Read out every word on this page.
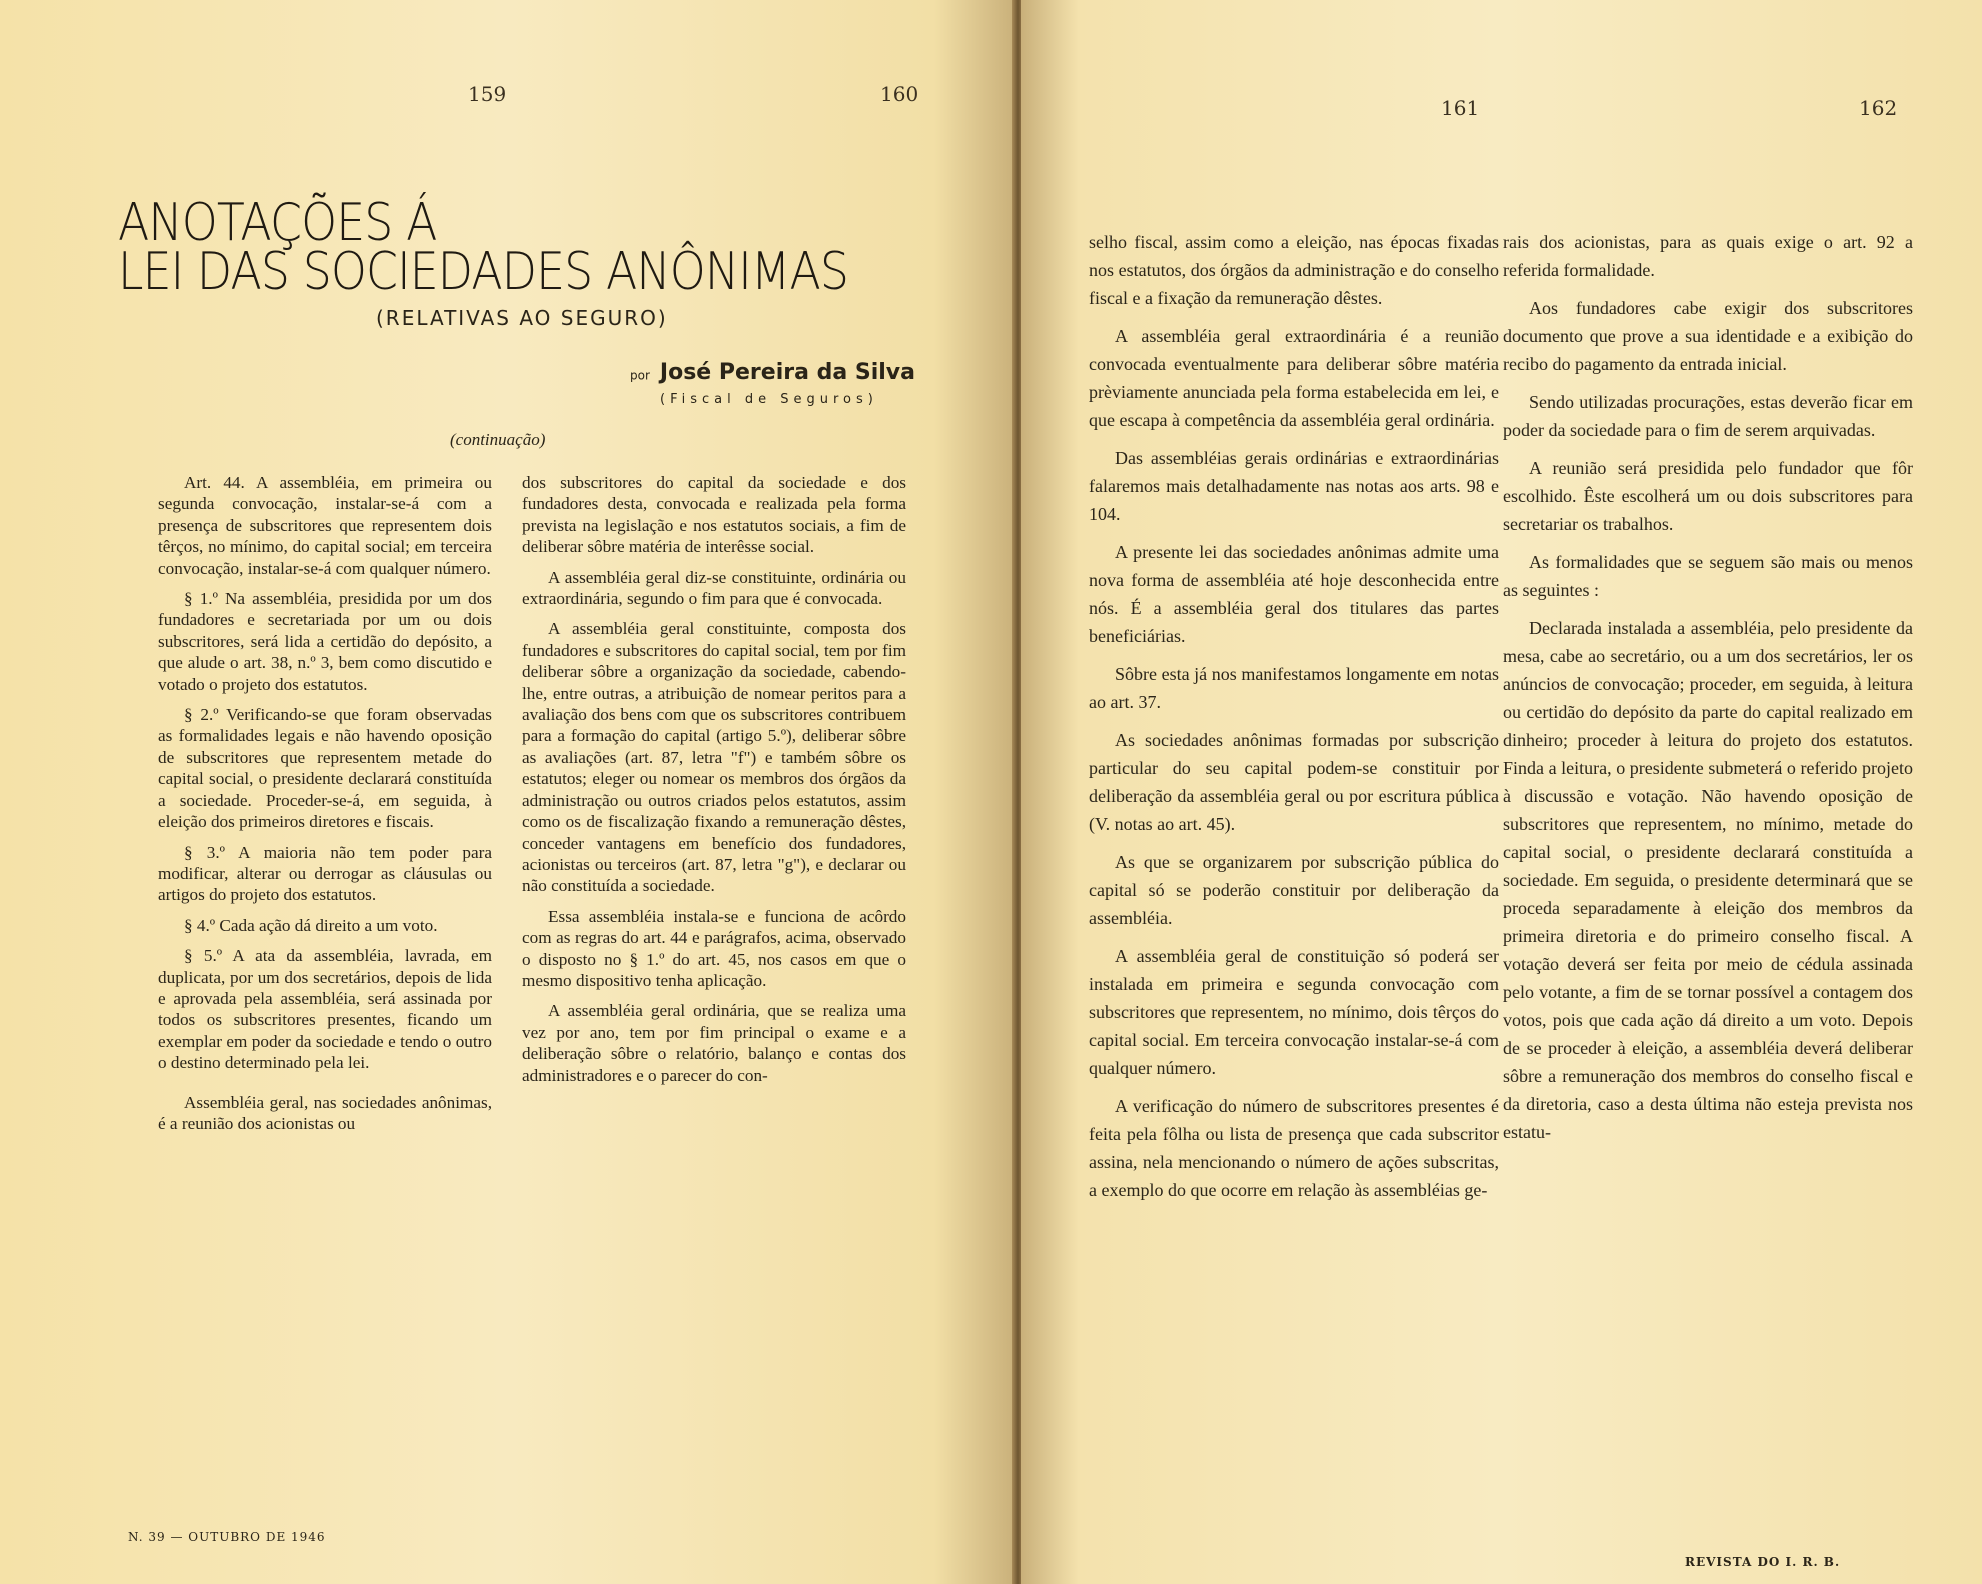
159	160
ANOTAÇÕES Á
LEI DAS SOCIEDADES ANÔNIMAS
(RELATIVAS AO SEGURO)
por José Pereira da Silva
(Fiscal de Seguros)
(continuação)

Art. 44. A assembléia, em primeira ou segunda convocação, instalar-se-á com a presença de subscritores que representem dois têrços, no mínimo, do capital social; em terceira convocação, instalar-se-á com qualquer número.

§ 1.º Na assembléia, presidida por um dos fundadores e secretariada por um ou dois subscritores, será lida a certidão do depósito, a que alude o art. 38, n.º 3, bem como discutido e votado o projeto dos estatutos.

§ 2.º Verificando-se que foram observadas as formalidades legais e não havendo oposição de subscritores que representem metade do capital social, o presidente declarará constituída a sociedade. Proceder-se-á, em seguida, à eleição dos primeiros diretores e fiscais.

§ 3.º A maioria não tem poder para modificar, alterar ou derrogar as cláusulas ou artigos do projeto dos estatutos.

§ 4.º Cada ação dá direito a um voto.

§ 5.º A ata da assembléia, lavrada, em duplicata, por um dos secretários, depois de lida e aprovada pela assembléia, será assinada por todos os subscritores presentes, ficando um exemplar em poder da sociedade e tendo o outro o destino determinado pela lei.

Assembléia geral, nas sociedades anônimas, é a reunião dos acionistas ou

dos subscritores do capital da sociedade e dos fundadores desta, convocada e realizada pela forma prevista na legislação e nos estatutos sociais, a fim de deliberar sôbre matéria de interêsse social.

A assembléia geral diz-se constituinte, ordinária ou extraordinária, segundo o fim para que é convocada.

A assembléia geral constituinte, composta dos fundadores e subscritores do capital social, tem por fim deliberar sôbre a organização da sociedade, cabendo-lhe, entre outras, a atribuição de nomear peritos para a avaliação dos bens com que os subscritores contribuem para a formação do capital (artigo 5.º), deliberar sôbre as avaliações (art. 87, letra "f") e também sôbre os estatutos; eleger ou nomear os membros dos órgãos da administração ou outros criados pelos estatutos, assim como os de fiscalização fixando a remuneração dêstes, conceder vantagens em benefício dos fundadores, acionistas ou terceiros (art. 87, letra "g"), e declarar ou não constituída a sociedade.

Essa assembléia instala-se e funciona de acôrdo com as regras do art. 44 e parágrafos, acima, observado o disposto no § 1.º do art. 45, nos casos em que o mesmo dispositivo tenha aplicação.

A assembléia geral ordinária, que se realiza uma vez por ano, tem por fim principal o exame e a deliberação sôbre o relatório, balanço e contas dos administradores e o parecer do con-

N. 39 — OUTUBRO DE 1946
161	162

selho fiscal, assim como a eleição, nas épocas fixadas nos estatutos, dos órgãos da administração e do conselho fiscal e a fixação da remuneração dêstes.

A assembléia geral extraordinária é a reunião convocada eventualmente para deliberar sôbre matéria prèviamente anunciada pela forma estabelecida em lei, e que escapa à competência da assembléia geral ordinária.

Das assembléias gerais ordinárias e extraordinárias falaremos mais detalhadamente nas notas aos arts. 98 e 104.

A presente lei das sociedades anônimas admite uma nova forma de assembléia até hoje desconhecida entre nós. É a assembléia geral dos titulares das partes beneficiárias.

Sôbre esta já nos manifestamos longamente em notas ao art. 37.

As sociedades anônimas formadas por subscrição particular do seu capital podem-se constituir por deliberação da assembléia geral ou por escritura pública (V. notas ao art. 45).

As que se organizarem por subscrição pública do capital só se poderão constituir por deliberação da assembléia.

A assembléia geral de constituição só poderá ser instalada em primeira e segunda convocação com subscritores que representem, no mínimo, dois têrços do capital social. Em terceira convocação instalar-se-á com qualquer número.

A verificação do número de subscritores presentes é feita pela fôlha ou lista de presença que cada subscritor assina, nela mencionando o número de ações subscritas, a exemplo do que ocorre em relação às assembléias ge-

rais dos acionistas, para as quais exige o art. 92 a referida formalidade.

Aos fundadores cabe exigir dos subscritores documento que prove a sua identidade e a exibição do recibo do pagamento da entrada inicial.

Sendo utilizadas procurações, estas deverão ficar em poder da sociedade para o fim de serem arquivadas.

A reunião será presidida pelo fundador que fôr escolhido. Êste escolherá um ou dois subscritores para secretariar os trabalhos.

As formalidades que se seguem são mais ou menos as seguintes :

Declarada instalada a assembléia, pelo presidente da mesa, cabe ao secretário, ou a um dos secretários, ler os anúncios de convocação; proceder, em seguida, à leitura ou certidão do depósito da parte do capital realizado em dinheiro; proceder à leitura do projeto dos estatutos. Finda a leitura, o presidente submeterá o referido projeto à discussão e votação. Não havendo oposição de subscritores que representem, no mínimo, metade do capital social, o presidente declarará constituída a sociedade. Em seguida, o presidente determinará que se proceda separadamente à eleição dos membros da primeira diretoria e do primeiro conselho fiscal. A votação deverá ser feita por meio de cédula assinada pelo votante, a fim de se tornar possível a contagem dos votos, pois que cada ação dá direito a um voto. Depois de se proceder à eleição, a assembléia deverá deliberar sôbre a remuneração dos membros do conselho fiscal e da diretoria, caso a desta última não esteja prevista nos estatu-

REVISTA DO I. R. B.
